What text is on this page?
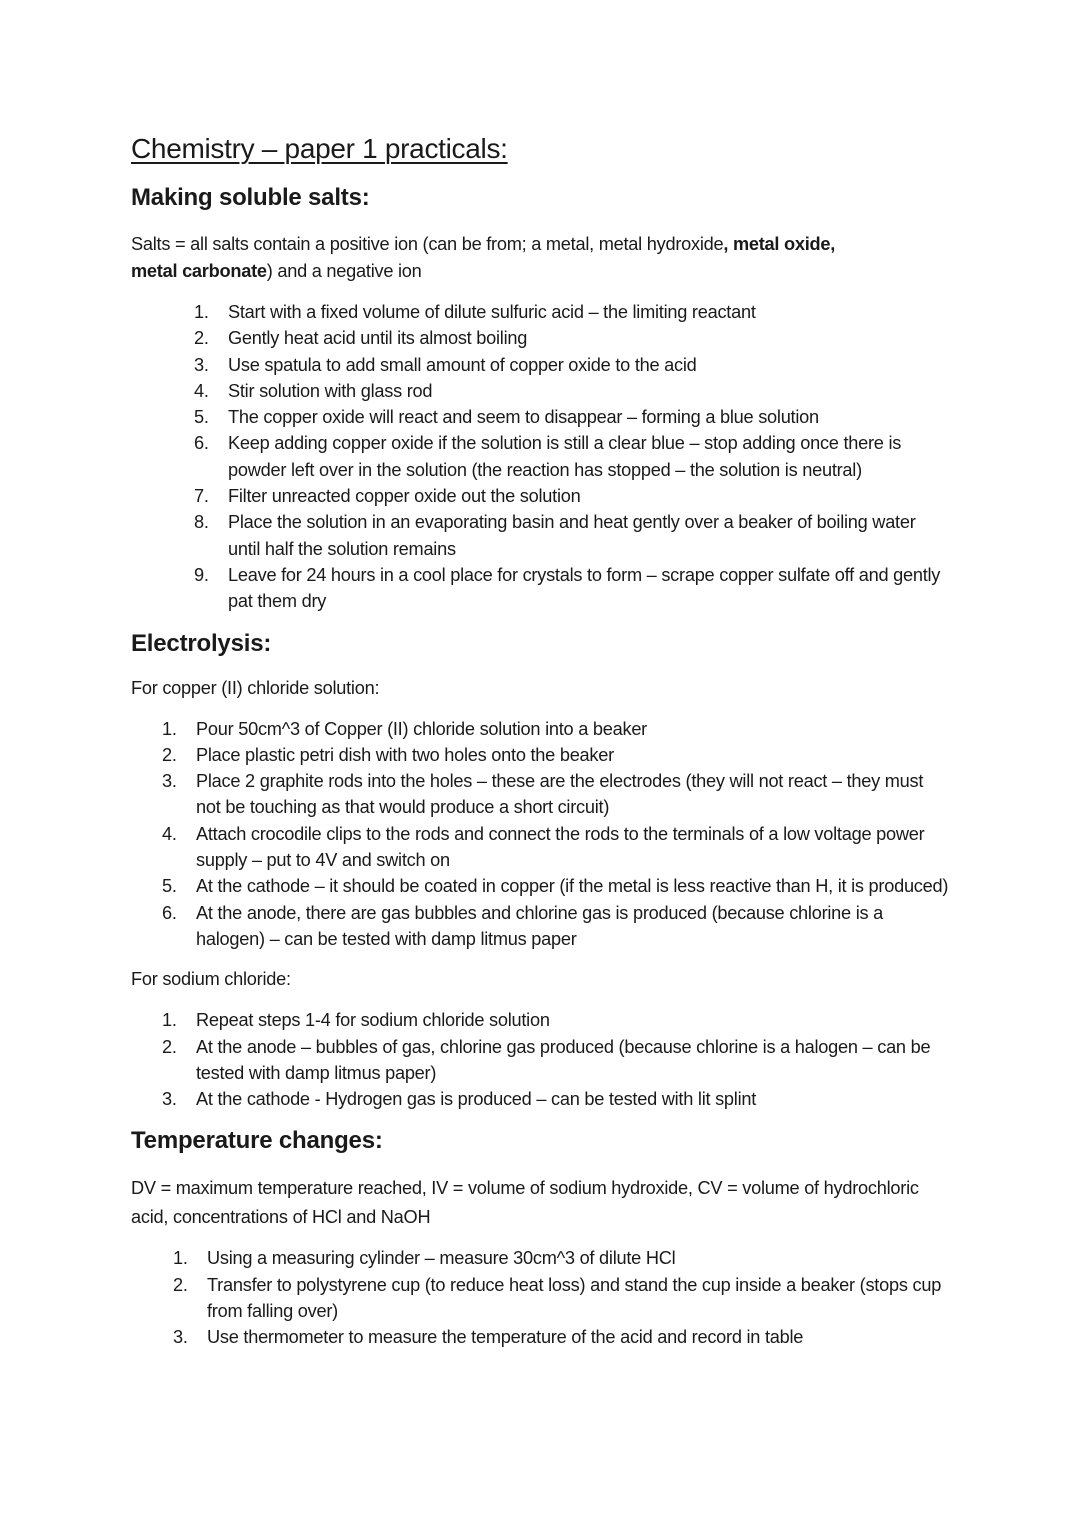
Chemistry – paper 1 practicals:
Making soluble salts:

Salts = all salts contain a positive ion (can be from; a metal, metal hydroxide, metal oxide,
metal carbonate) and a negative ion

1.	Start with a fixed volume of dilute sulfuric acid – the limiting reactant
2.	Gently heat acid until its almost boiling
3.	Use spatula to add small amount of copper oxide to the acid
4.	Stir solution with glass rod
5.	The copper oxide will react and seem to disappear – forming a blue solution
6.	Keep adding copper oxide if the solution is still a clear blue – stop adding once there is powder left over in the solution (the reaction has stopped – the solution is neutral)
7.	Filter unreacted copper oxide out the solution
8.	Place the solution in an evaporating basin and heat gently over a beaker of boiling water until half the solution remains
9.	Leave for 24 hours in a cool place for crystals to form – scrape copper sulfate off and gently pat them dry
Electrolysis:

For copper (II) chloride solution:

1.	Pour 50cm^3 of Copper (II) chloride solution into a beaker
2.	Place plastic petri dish with two holes onto the beaker
3.	Place 2 graphite rods into the holes – these are the electrodes (they will not react – they must not be touching as that would produce a short circuit)
4.	Attach crocodile clips to the rods and connect the rods to the terminals of a low voltage power supply – put to 4V and switch on
5.	At the cathode – it should be coated in copper (if the metal is less reactive than H, it is produced)
6.	At the anode, there are gas bubbles and chlorine gas is produced (because chlorine is a halogen) – can be tested with damp litmus paper

For sodium chloride:

1.	Repeat steps 1-4 for sodium chloride solution
2.	At the anode – bubbles of gas, chlorine gas produced (because chlorine is a halogen – can be tested with damp litmus paper)
3.	At the cathode - Hydrogen gas is produced – can be tested with lit splint
Temperature changes:

DV = maximum temperature reached, IV = volume of sodium hydroxide, CV = volume of hydrochloric acid, concentrations of HCl and NaOH

1.	Using a measuring cylinder – measure 30cm^3 of dilute HCl
2.	Transfer to polystyrene cup (to reduce heat loss) and stand the cup inside a beaker (stops cup from falling over)
3.	Use thermometer to measure the temperature of the acid and record in table
